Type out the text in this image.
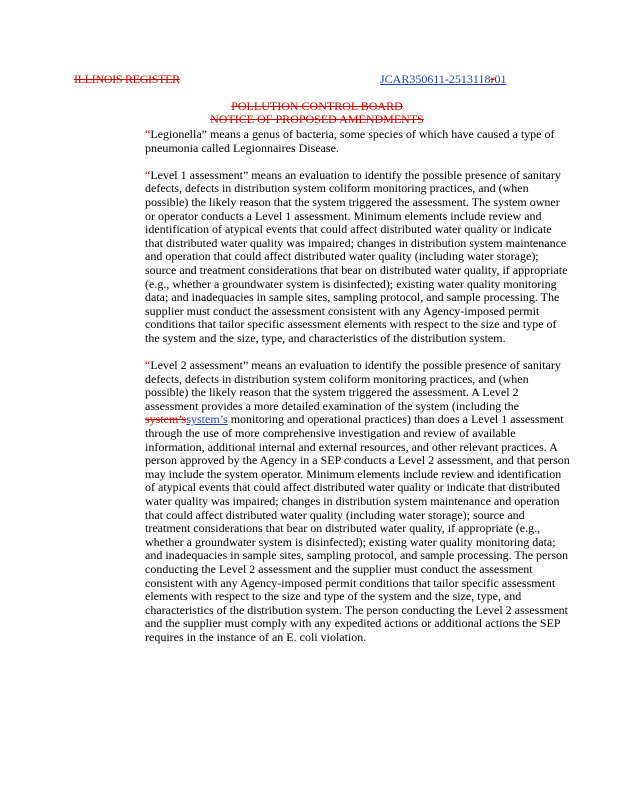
ILLINOIS REGISTER	JCAR350611-2513118r01
POLLUTION CONTROL BOARD
NOTICE OF PROPOSED AMENDMENTS

“Legionella” means a genus of bacteria, some species of which have caused a type of pneumonia called Legionnaires Disease.

“Level 1 assessment” means an evaluation to identify the possible presence of sanitary defects, defects in distribution system coliform monitoring practices, and (when possible) the likely reason that the system triggered the assessment. The system owner or operator conducts a Level 1 assessment. Minimum elements include review and identification of atypical events that could affect distributed water quality or indicate that distributed water quality was impaired; changes in distribution system maintenance and operation that could affect distributed water quality (including water storage); source and treatment considerations that bear on distributed water quality, if appropriate (e.g., whether a groundwater system is disinfected); existing water quality monitoring data; and inadequacies in sample sites, sampling protocol, and sample processing. The supplier must conduct the assessment consistent with any Agency-imposed permit conditions that tailor specific assessment elements with respect to the size and type of the system and the size, type, and characteristics of the distribution system.

“Level 2 assessment” means an evaluation to identify the possible presence of sanitary defects, defects in distribution system coliform monitoring practices, and (when possible) the likely reason that the system triggered the assessment. A Level 2 assessment provides a more detailed examination of the system (including the system’ssystem’s monitoring and operational practices) than does a Level 1 assessment through the use of more comprehensive investigation and review of available information, additional internal and external resources, and other relevant practices. A person approved by the Agency in a SEP conducts a Level 2 assessment, and that person may include the system operator. Minimum elements include review and identification of atypical events that could affect distributed water quality or indicate that distributed water quality was impaired; changes in distribution system maintenance and operation that could affect distributed water quality (including water storage); source and treatment considerations that bear on distributed water quality, if appropriate (e.g., whether a groundwater system is disinfected); existing water quality monitoring data; and inadequacies in sample sites, sampling protocol, and sample processing. The person conducting the Level 2 assessment and the supplier must conduct the assessment consistent with any Agency-imposed permit conditions that tailor specific assessment elements with respect to the size and type of the system and the size, type, and characteristics of the distribution system. The person conducting the Level 2 assessment and the supplier must comply with any expedited actions or additional actions the SEP requires in the instance of an E. coli violation.
